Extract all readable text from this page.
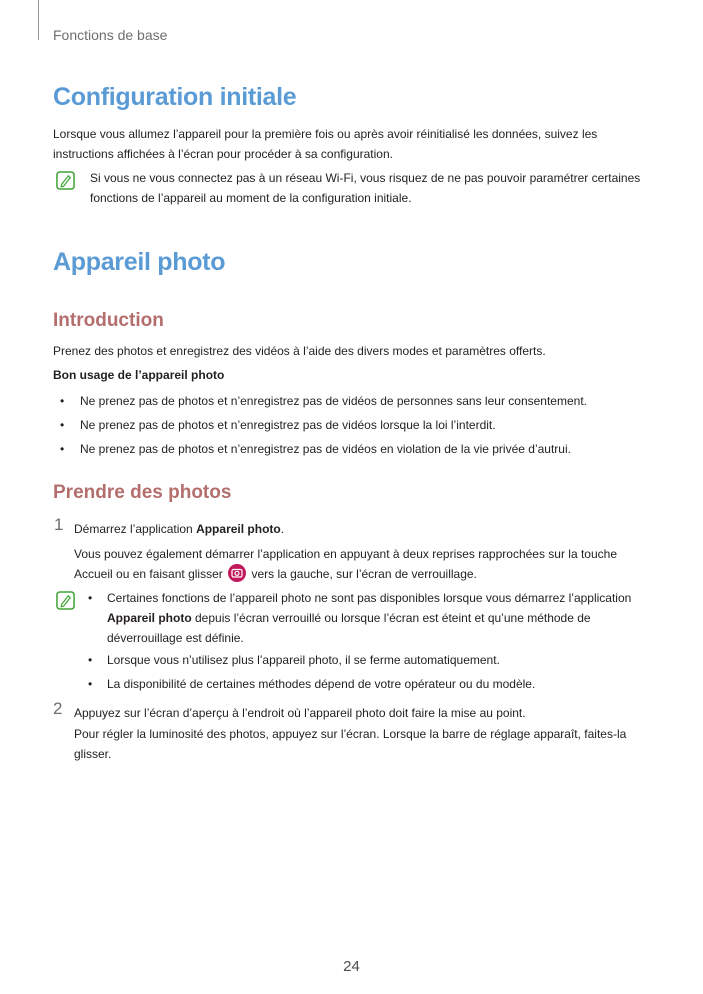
Fonctions de base
Configuration initiale
Lorsque vous allumez l’appareil pour la première fois ou après avoir réinitialisé les données, suivez les
instructions affichées à l’écran pour procéder à sa configuration.
Si vous ne vous connectez pas à un réseau Wi-Fi, vous risquez de ne pas pouvoir paramétrer certaines
fonctions de l’appareil au moment de la configuration initiale.
Appareil photo
Introduction
Prenez des photos et enregistrez des vidéos à l’aide des divers modes et paramètres offerts.
Bon usage de l’appareil photo
• Ne prenez pas de photos et n’enregistrez pas de vidéos de personnes sans leur consentement.
• Ne prenez pas de photos et n’enregistrez pas de vidéos lorsque la loi l’interdit.
• Ne prenez pas de photos et n’enregistrez pas de vidéos en violation de la vie privée d’autrui.
Prendre des photos
1 Démarrez l’application Appareil photo.
Vous pouvez également démarrer l’application en appuyant à deux reprises rapprochées sur la touche
Accueil ou en faisant glisser vers la gauche, sur l’écran de verrouillage.
• Certaines fonctions de l’appareil photo ne sont pas disponibles lorsque vous démarrez l’application
Appareil photo depuis l’écran verrouillé ou lorsque l’écran est éteint et qu’une méthode de
déverrouillage est définie.
• Lorsque vous n’utilisez plus l’appareil photo, il se ferme automatiquement.
• La disponibilité de certaines méthodes dépend de votre opérateur ou du modèle.
2 Appuyez sur l’écran d’aperçu à l’endroit où l’appareil photo doit faire la mise au point.
Pour régler la luminosité des photos, appuyez sur l’écran. Lorsque la barre de réglage apparaît, faites-la
glisser.
24
